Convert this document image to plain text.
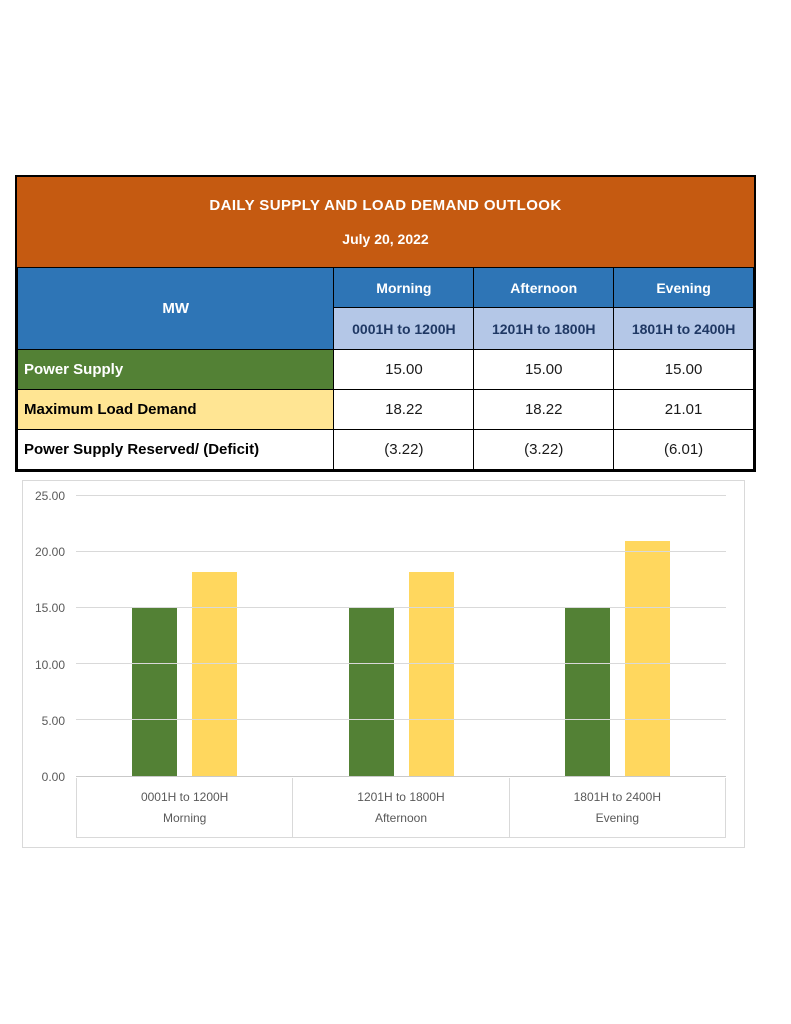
DAILY SUPPLY AND LOAD DEMAND OUTLOOK
July 20, 2022
MW	Morning	Afternoon	Evening
	0001H to 1200H	1201H to 1800H	1801H to 2400H
Power Supply	15.00	15.00	15.00
Maximum Load Demand	18.22	18.22	21.01
Power Supply Reserved/ (Deficit)	(3.22)	(3.22)	(6.01)
0.00
5.00
10.00
15.00
20.00
25.00
0001H to 1200H
Morning
1201H to 1800H
Afternoon
1801H to 2400H
Evening
